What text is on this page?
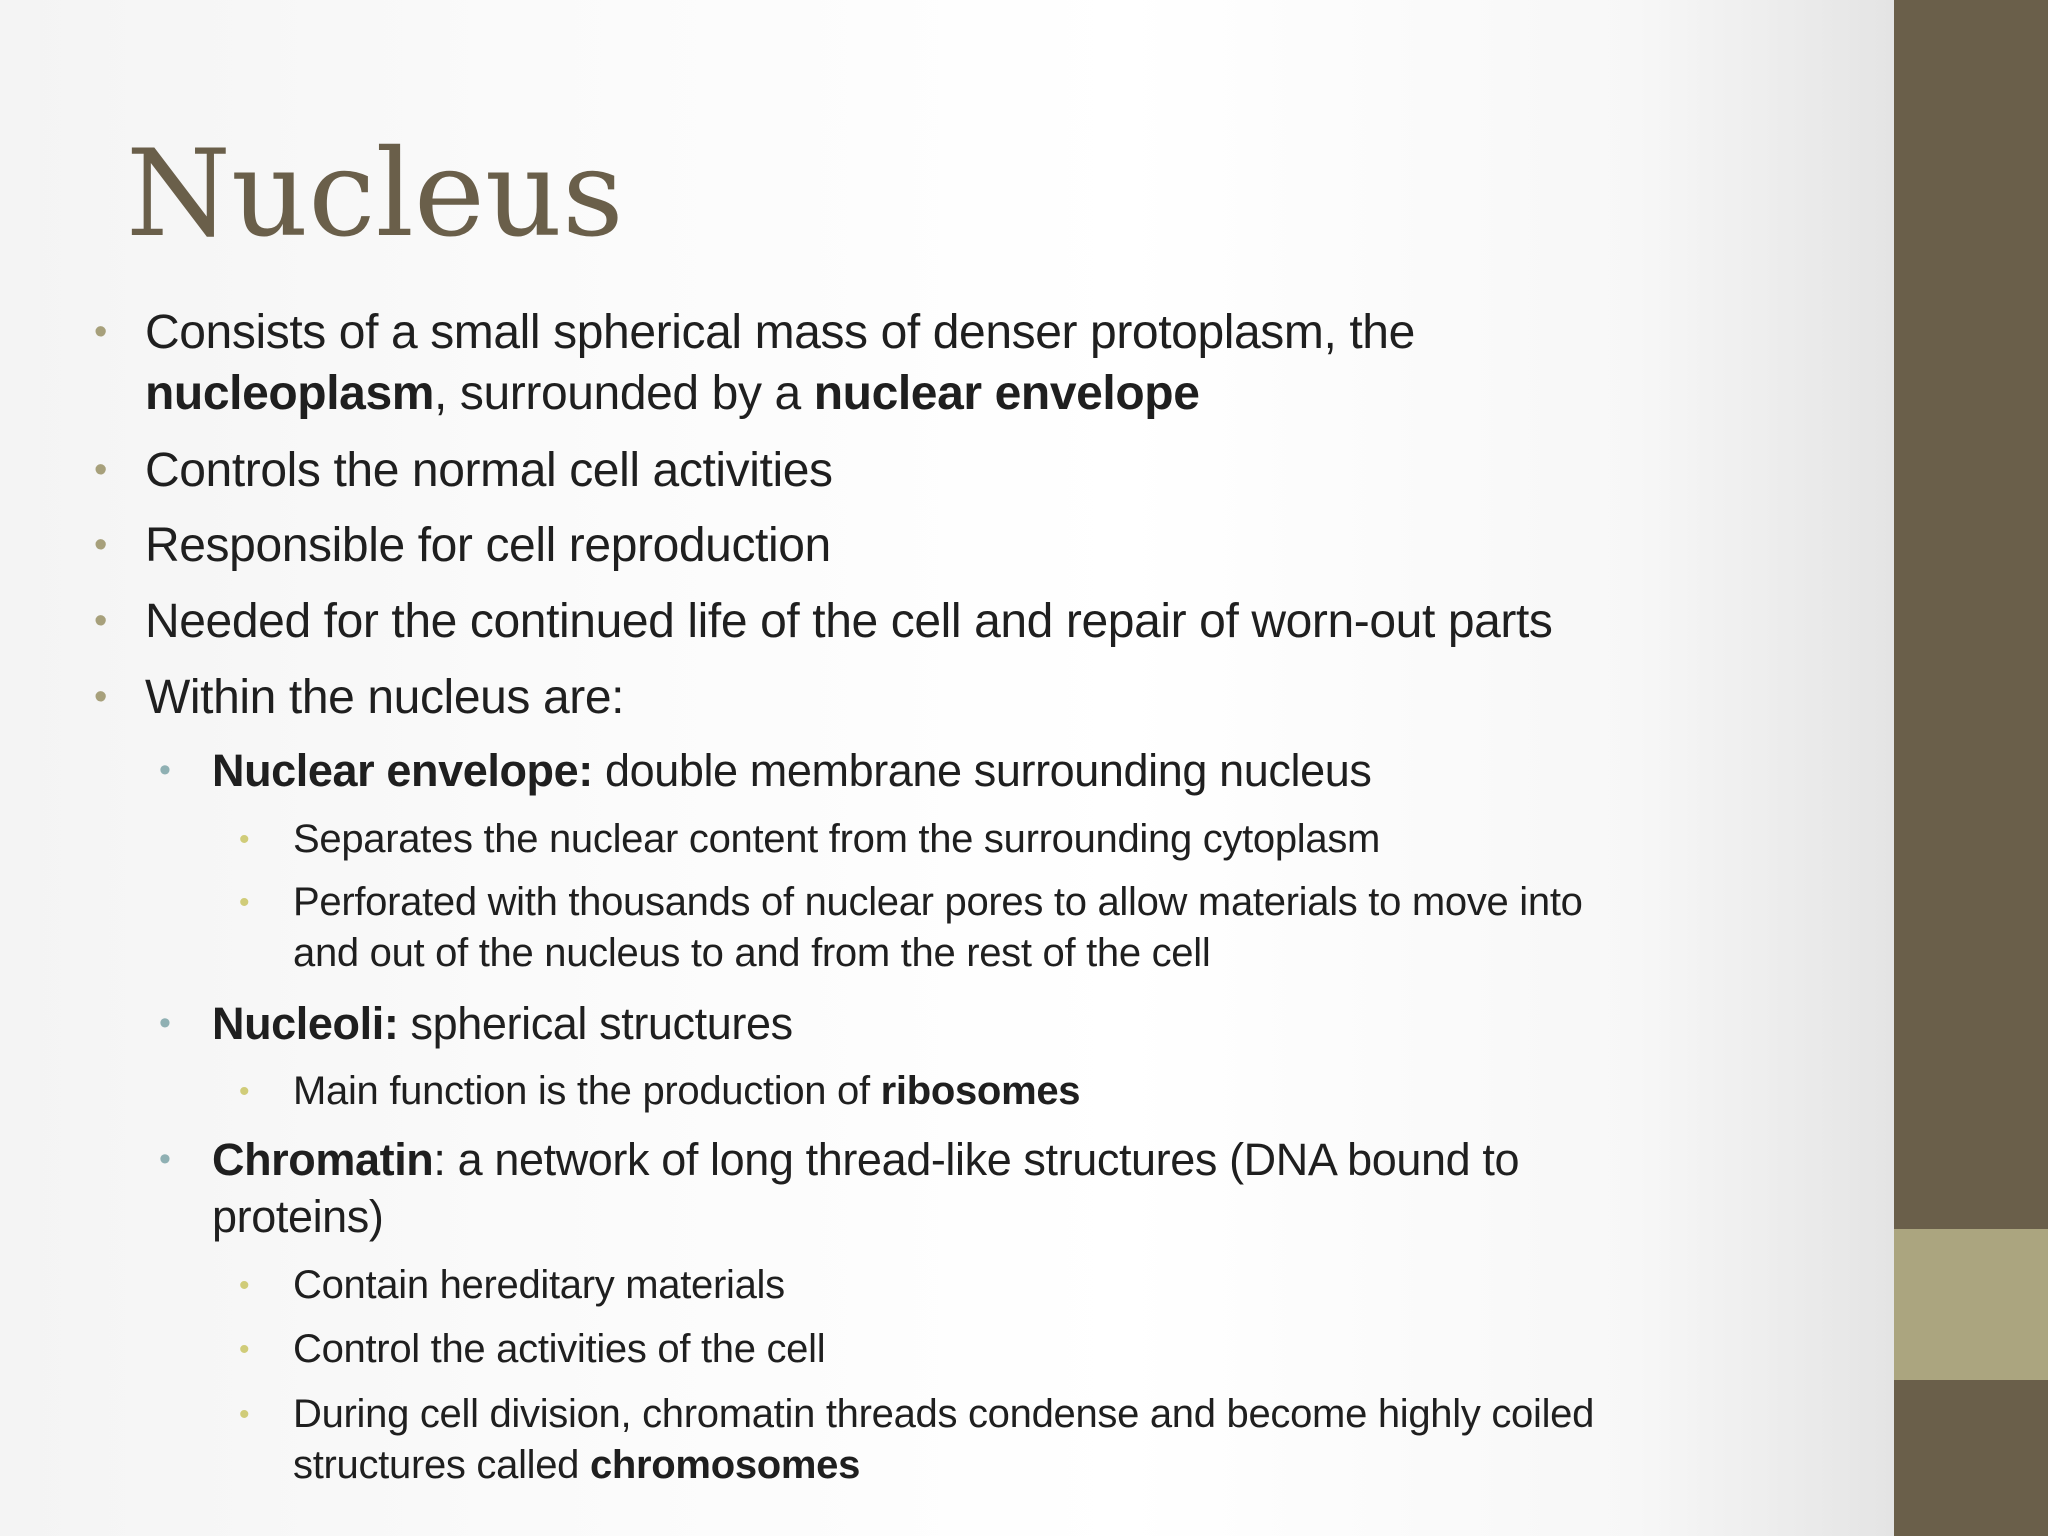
Nucleus

• Consists of a small spherical mass of denser protoplasm, the
nucleoplasm, surrounded by a nuclear envelope

• Controls the normal cell activities

• Responsible for cell reproduction

• Needed for the continued life of the cell and repair of worn-out parts

• Within the nucleus are:

• Nuclear envelope: double membrane surrounding nucleus

• Separates the nuclear content from the surrounding cytoplasm

• Perforated with thousands of nuclear pores to allow materials to move into
and out of the nucleus to and from the rest of the cell

• Nucleoli: spherical structures

• Main function is the production of ribosomes

• Chromatin: a network of long thread-like structures (DNA bound to
proteins)

• Contain hereditary materials

• Control the activities of the cell

• During cell division, chromatin threads condense and become highly coiled
structures called chromosomes
